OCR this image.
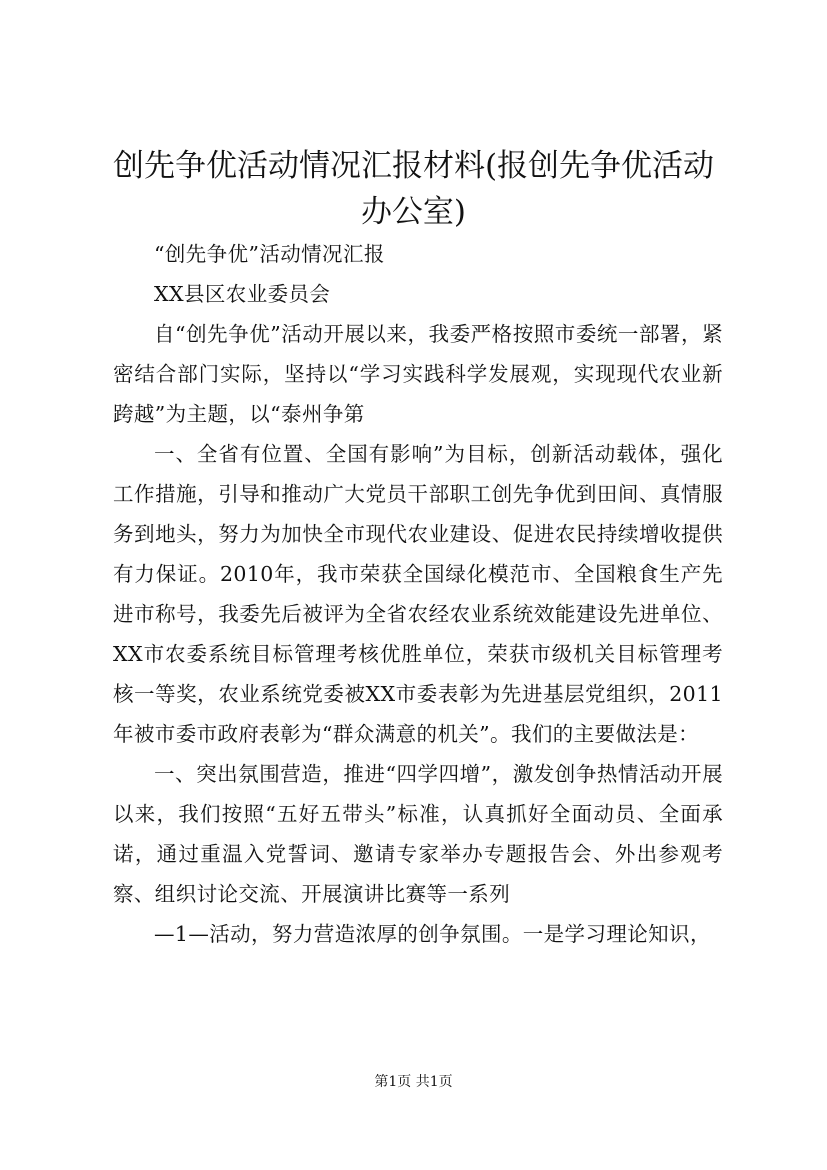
创先争优活动情况汇报材料(报创先争优活动
办公室)

“创先争优”活动情况汇报

XX县区农业委员会

自“创先争优”活动开展以来，我委严格按照市委统一部署，紧密结合部门实际，坚持以“学习实践科学发展观，实现现代农业新跨越”为主题，以“泰州争第

一、全省有位置、全国有影响”为目标，创新活动载体，强化工作措施，引导和推动广大党员干部职工创先争优到田间、真情服务到地头，努力为加快全市现代农业建设、促进农民持续增收提供有力保证。2010年，我市荣获全国绿化模范市、全国粮食生产先进市称号，我委先后被评为全省农经农业系统效能建设先进单位、XX市农委系统目标管理考核优胜单位，荣获市级机关目标管理考核一等奖，农业系统党委被XX市委表彰为先进基层党组织，2011年被市委市政府表彰为“群众满意的机关”。我们的主要做法是：

一、突出氛围营造，推进“四学四增”，激发创争热情活动开展以来，我们按照“五好五带头”标准，认真抓好全面动员、全面承诺，通过重温入党誓词、邀请专家举办专题报告会、外出参观考察、组织讨论交流、开展演讲比赛等一系列

—1—活动，努力营造浓厚的创争氛围。一是学习理论知识，

第1页 共1页
